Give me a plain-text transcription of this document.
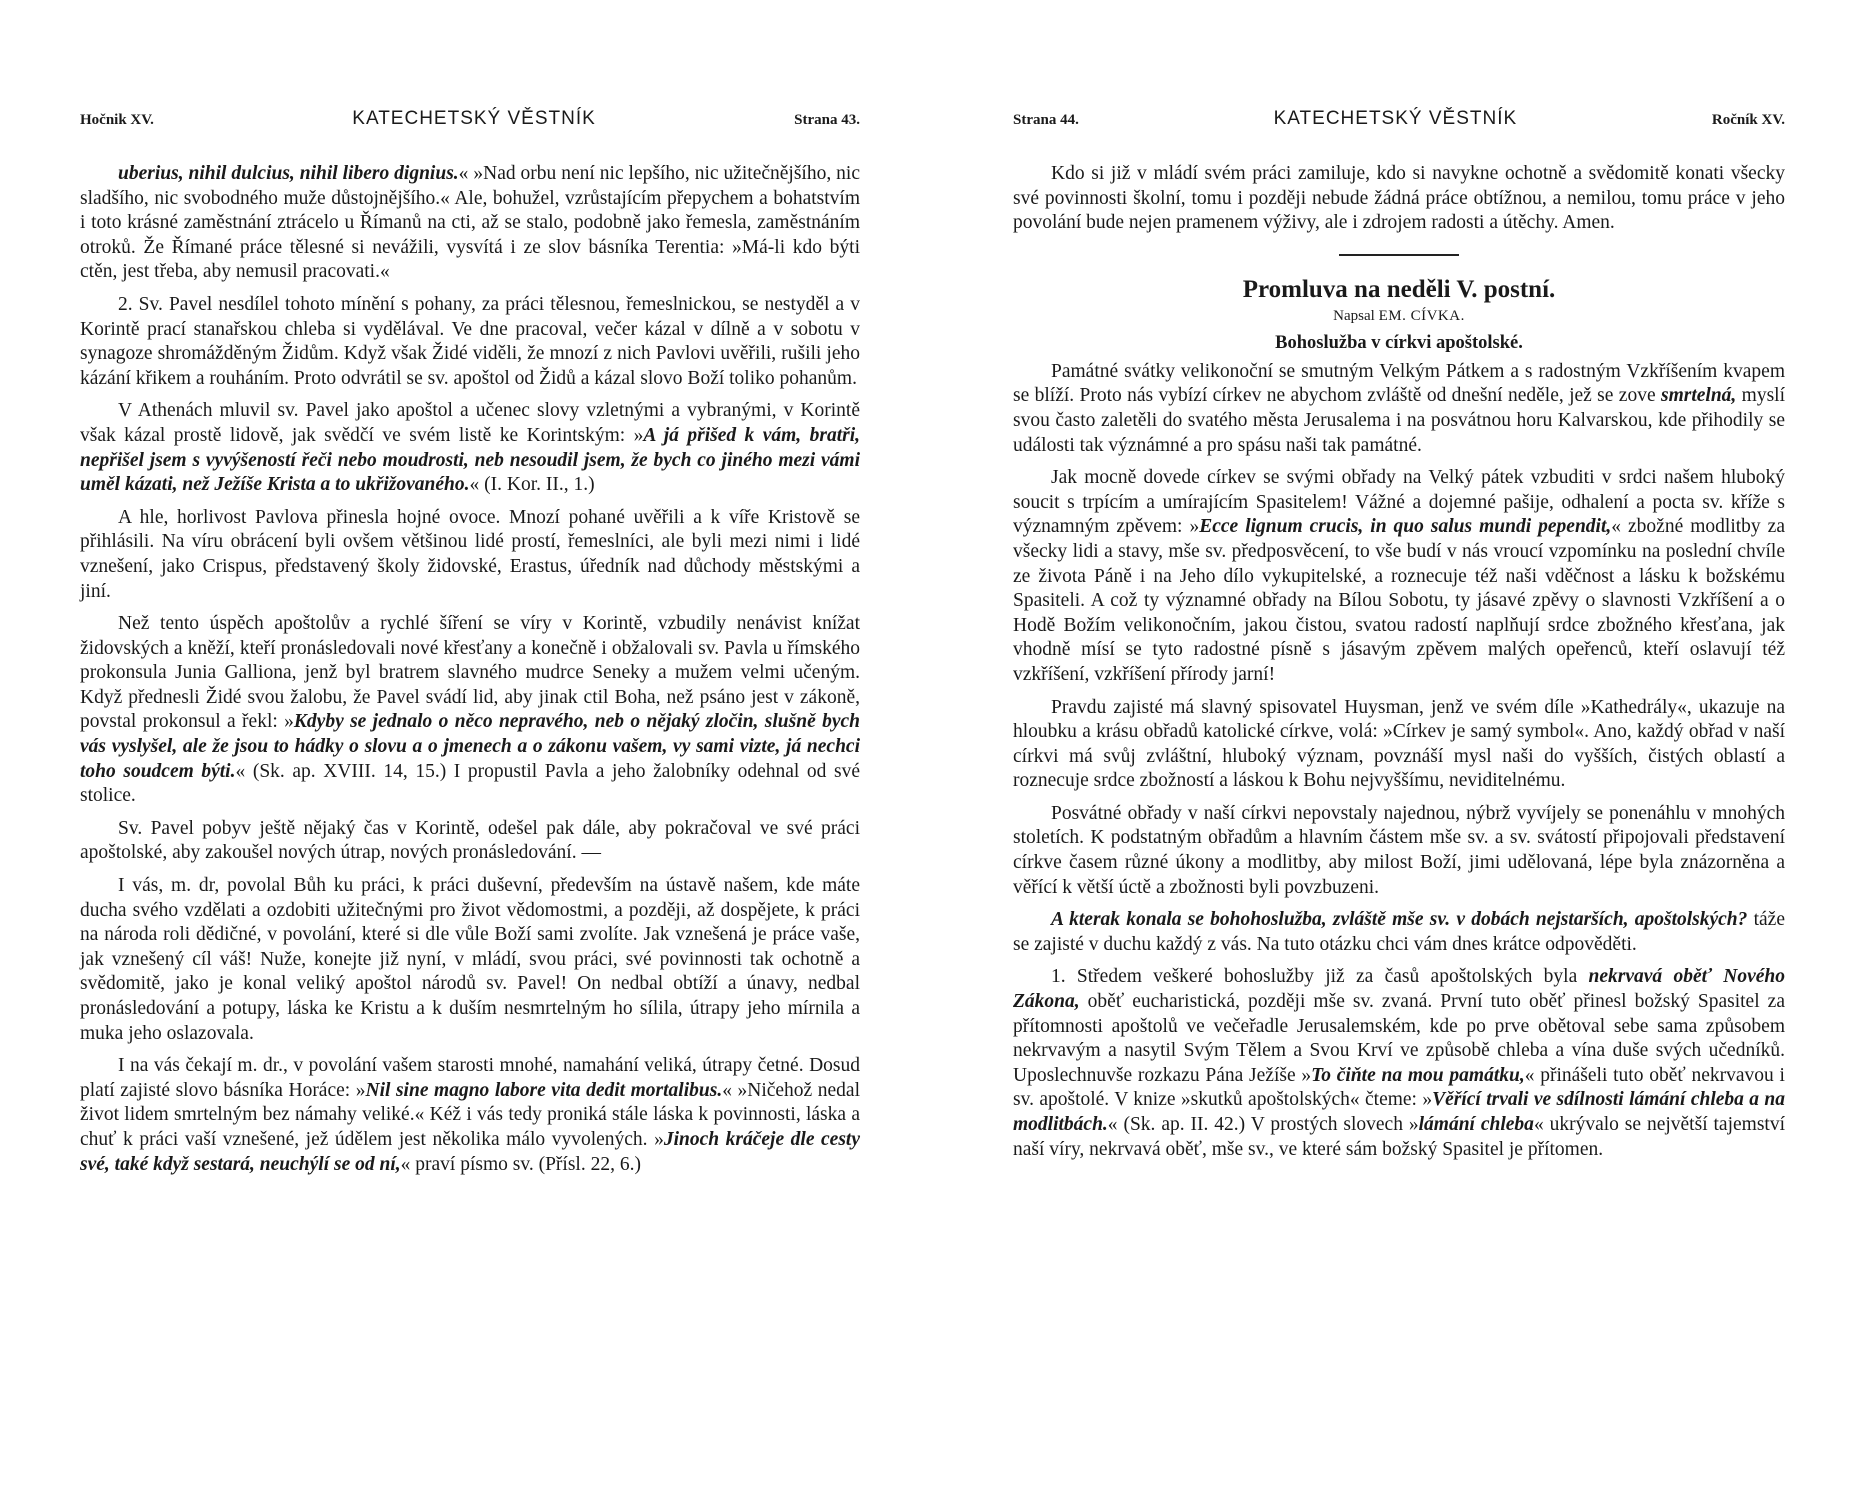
Hočnik XV.	KATECHETSKÝ VĚSTNÍK	Strana 43.

uberius, nihil dulcius, nihil libero dignius.« »Nad orbu není nic lepšího, nic užitečnějšího, nic sladšího, nic svobodného muže důstojnějšího.« Ale, bohužel, vzrůstajícím přepychem a bohatstvím i toto krásné zaměstnání ztrácelo u Římanů na cti, až se stalo, podobně jako řemesla, zaměstnáním otroků. Že Římané práce tělesné si nevážili, vysvítá i ze slov básníka Terentia: »Má-li kdo býti ctěn, jest třeba, aby nemusil pracovati.«

2. Sv. Pavel nesdílel tohoto mínění s pohany, za práci tělesnou, řemeslnickou, se nestyděl a v Korintě prací stanařskou chleba si vydělával. Ve dne pracoval, večer kázal v dílně a v sobotu v synagoze shromážděným Židům. Když však Židé viděli, že mnozí z nich Pavlovi uvěřili, rušili jeho kázání křikem a rouháním. Proto odvrátil se sv. apoštol od Židů a kázal slovo Boží toliko pohanům.

V Athenách mluvil sv. Pavel jako apoštol a učenec slovy vzletnými a vybranými, v Korintě však kázal prostě lidově, jak svědčí ve svém listě ke Korintským: »A já přišed k vám, bratři, nepřišel jsem s vyvýšeností řeči nebo moudrosti, neb nesoudil jsem, že bych co jiného mezi vámi uměl kázati, než Ježíše Krista a to ukřižovaného.« (I. Kor. II., 1.)

A hle, horlivost Pavlova přinesla hojné ovoce. Mnozí pohané uvěřili a k víře Kristově se přihlásili. Na víru obrácení byli ovšem většinou lidé prostí, řemeslníci, ale byli mezi nimi i lidé vznešení, jako Crispus, představený školy židovské, Erastus, úředník nad důchody městskými a jiní.

Než tento úspěch apoštolův a rychlé šíření se víry v Korintě, vzbudily nenávist knížat židovských a kněží, kteří pronásledovali nové křesťany a konečně i obžalovali sv. Pavla u římského prokonsula Junia Galliona, jenž byl bratrem slavného mudrce Seneky a mužem velmi učeným. Když přednesli Židé svou žalobu, že Pavel svádí lid, aby jinak ctil Boha, než psáno jest v zákoně, povstal prokonsul a řekl: »Kdyby se jednalo o něco nepravého, neb o nějaký zločin, slušně bych vás vyslyšel, ale že jsou to hádky o slovu a o jmenech a o zákonu vašem, vy sami vizte, já nechci toho soudcem býti.« (Sk. ap. XVIII. 14, 15.) I propustil Pavla a jeho žalobníky odehnal od své stolice.

Sv. Pavel pobyv ještě nějaký čas v Korintě, odešel pak dále, aby pokračoval ve své práci apoštolské, aby zakoušel nových útrap, nových pronásledování. —

I vás, m. dr, povolal Bůh ku práci, k práci duševní, především na ústavě našem, kde máte ducha svého vzdělati a ozdobiti užitečnými pro život vědomostmi, a později, až dospějete, k práci na národa roli dědičné, v povolání, které si dle vůle Boží sami zvolíte. Jak vznešená je práce vaše, jak vznešený cíl váš! Nuže, konejte již nyní, v mládí, svou práci, své povinnosti tak ochotně a svědomitě, jako je konal veliký apoštol národů sv. Pavel! On nedbal obtíží a únavy, nedbal pronásledování a potupy, láska ke Kristu a k duším nesmrtelným ho sílila, útrapy jeho mírnila a muka jeho oslazovala.

I na vás čekají m. dr., v povolání vašem starosti mnohé, namahání veliká, útrapy četné. Dosud platí zajisté slovo básníka Horáce: »Nil sine magno labore vita dedit mortalibus.« »Ničehož nedal život lidem smrtelným bez námahy veliké.« Kéž i vás tedy proniká stále láska k povinnosti, láska a chuť k práci vaší vznešené, jež údělem jest několika málo vyvolených. »Jinoch kráčeje dle cesty své, také když sestará, neuchýlí se od ní,« praví písmo sv. (Přísl. 22, 6.)

Strana 44.	KATECHETSKÝ VĚSTNÍK	Ročník XV.

Kdo si již v mládí svém práci zamiluje, kdo si navykne ochotně a svědomitě konati všecky své povinnosti školní, tomu i později nebude žádná práce obtížnou, a nemilou, tomu práce v jeho povolání bude nejen pramenem výživy, ale i zdrojem radosti a útěchy. Amen.

Promluva na neděli V. postní.
Napsal EM. CÍVKA.
Bohoslužba v církvi apoštolské.

Památné svátky velikonoční se smutným Velkým Pátkem a s radostným Vzkříšením kvapem se blíží. Proto nás vybízí církev ne abychom zvláště od dnešní neděle, jež se zove smrtelná, myslí svou často zaletěli do svatého města Jerusalema i na posvátnou horu Kalvarskou, kde přihodily se události tak význámné a pro spásu naši tak památné.

Jak mocně dovede církev se svými obřady na Velký pátek vzbuditi v srdci našem hluboký soucit s trpícím a umírajícím Spasitelem! Vážné a dojemné pašije, odhalení a pocta sv. kříže s významným zpěvem: »Ecce lignum crucis, in quo salus mundi pependit,« zbožné modlitby za všecky lidi a stavy, mše sv. předposvěcení, to vše budí v nás vroucí vzpomínku na poslední chvíle ze života Páně i na Jeho dílo vykupitelské, a roznecuje též naši vděčnost a lásku k božskému Spasiteli. A což ty významné obřady na Bílou Sobotu, ty jásavé zpěvy o slavnosti Vzkříšení a o Hodě Božím velikonočním, jakou čistou, svatou radostí naplňují srdce zbožného křesťana, jak vhodně mísí se tyto radostné písně s jásavým zpěvem malých opeřenců, kteří oslavují též vzkříšení, vzkříšení přírody jarní!

Pravdu zajisté má slavný spisovatel Huysman, jenž ve svém díle »Kathedrály«, ukazuje na hloubku a krásu obřadů katolické církve, volá: »Církev je samý symbol«. Ano, každý obřad v naší církvi má svůj zvláštní, hluboký význam, povznáší mysl naši do vyšších, čistých oblastí a roznecuje srdce zbožností a láskou k Bohu nejvyššímu, neviditelnému.

Posvátné obřady v naší církvi nepovstaly najednou, nýbrž vyvíjely se ponenáhlu v mnohých stoletích. K podstatným obřadům a hlavním částem mše sv. a sv. svátostí připojovali představení církve časem různé úkony a modlitby, aby milost Boží, jimi udělovaná, lépe byla znázorněna a věřící k větší úctě a zbožnosti byli povzbuzeni.

A kterak konala se bohohoslužba, zvláště mše sv. v dobách nejstarších, apoštolských? táže se zajisté v duchu každý z vás. Na tuto otázku chci vám dnes krátce odpověděti.

1. Středem veškeré bohoslužby již za časů apoštolských byla nekrvavá oběť Nového Zákona, oběť eucharistická, později mše sv. zvaná. První tuto oběť přinesl božský Spasitel za přítomnosti apoštolů ve večeřadle Jerusalemském, kde po prve obětoval sebe sama způsobem nekrvavým a nasytil Svým Tělem a Svou Krví ve způsobě chleba a vína duše svých učedníků. Uposlechnuvše rozkazu Pána Ježíše »To čiňte na mou památku,« přinášeli tuto oběť nekrvavou i sv. apoštolé. V knize »skutků apoštolských« čteme: »Věřící trvali ve sdílnosti lámání chleba a na modlitbách.« (Sk. ap. II. 42.) V prostých slovech »lámání chleba« ukrývalo se největší tajemství naší víry, nekrvavá oběť, mše sv., ve které sám božský Spasitel je přítomen.
